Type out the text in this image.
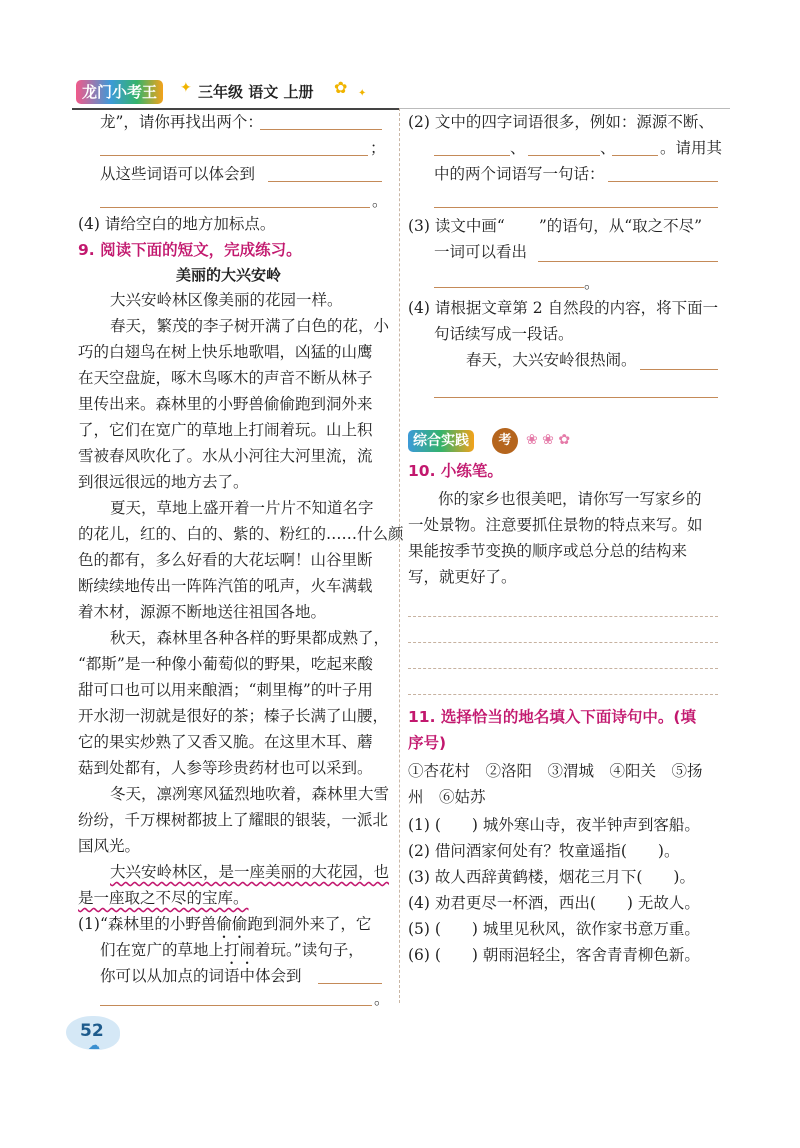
龙门小考王	✦ 三年级 语文 上册 ✿ ✦
龙”，请你再找出两个：
；
从这些词语可以体会到
。
(4) 请给空白的地方加标点。
9. 阅读下面的短文，完成练习。
美丽的大兴安岭
大兴安岭林区像美丽的花园一样。
春天，繁茂的李子树开满了白色的花，小
巧的白翅鸟在树上快乐地歌唱，凶猛的山鹰
在天空盘旋，啄木鸟啄木的声音不断从林子
里传出来。森林里的小野兽偷偷跑到洞外来
了，它们在宽广的草地上打闹着玩。山上积
雪被春风吹化了。水从小河往大河里流，流
到很远很远的地方去了。
夏天，草地上盛开着一片片不知道名字
的花儿，红的、白的、紫的、粉红的……什么颜
色的都有，多么好看的大花坛啊！山谷里断
断续续地传出一阵阵汽笛的吼声，火车满载
着木材，源源不断地送往祖国各地。
秋天，森林里各种各样的野果都成熟了，
“都斯”是一种像小葡萄似的野果，吃起来酸
甜可口也可以用来酿酒；“刺里梅”的叶子用
开水沏一沏就是很好的茶；榛子长满了山腰，
它的果实炒熟了又香又脆。在这里木耳、蘑
菇到处都有，人参等珍贵药材也可以采到。
冬天，凛冽寒风猛烈地吹着，森林里大雪
纷纷，千万棵树都披上了耀眼的银装，一派北
国风光。
大兴安岭林区，是一座美丽的大花园，也
是一座取之不尽的宝库。
(1)“森林里的小野兽偷偷跑到洞外来了，它
们在宽广的草地上打闹着玩。”读句子，
你可以从加点的词语中体会到
。
52
☁
(2) 文中的四字词语很多，例如：源源不断、
、	、	。请用其
中的两个词语写一句话：
(3) 读文中画“ ”的语句，从“取之不尽”
一词可以看出
。
(4) 请根据文章第 2 自然段的内容，将下面一
句话续写成一段话。
春天，大兴安岭很热闹。
综合实践	考	❀ ❀ ✿
10. 小练笔。
你的家乡也很美吧，请你写一写家乡的
一处景物。注意要抓住景物的特点来写。如
果能按季节变换的顺序或总分总的结构来
写，就更好了。
11. 选择恰当的地名填入下面诗句中。(填
序号)
①杏花村　②洛阳　③渭城　④阳关　⑤扬
州　⑥姑苏
(1) (　　) 城外寒山寺，夜半钟声到客船。
(2) 借问酒家何处有？牧童遥指(　　)。
(3) 故人西辞黄鹤楼，烟花三月下(　　)。
(4) 劝君更尽一杯酒，西出(　　) 无故人。
(5) (　　) 城里见秋风，欲作家书意万重。
(6) (　　) 朝雨浥轻尘，客舍青青柳色新。
